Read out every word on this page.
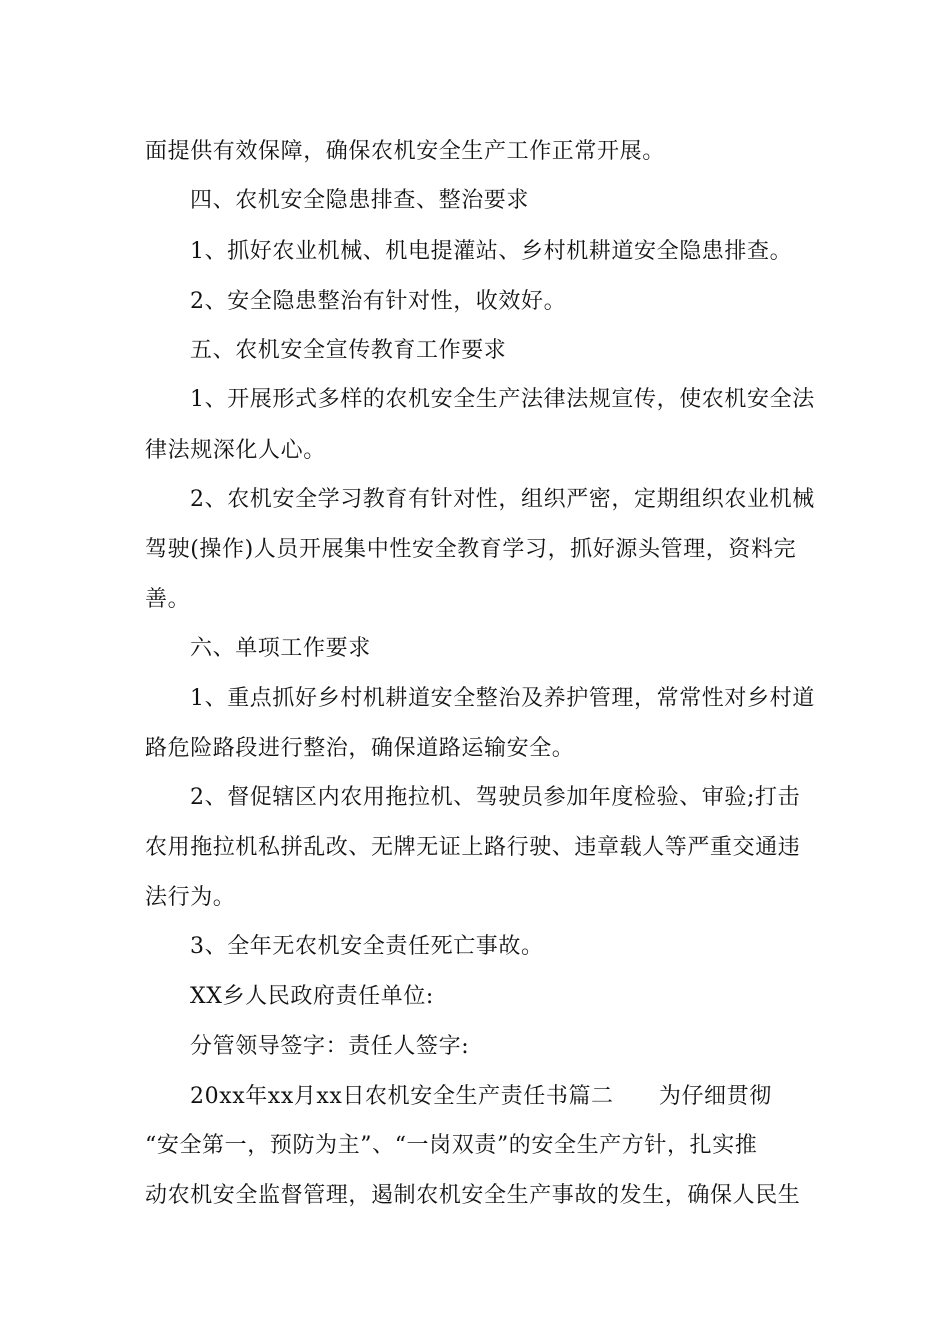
面提供有效保障，确保农机安全生产工作正常开展。
四、农机安全隐患排查、整治要求
1、抓好农业机械、机电提灌站、乡村机耕道安全隐患排查。
2、安全隐患整治有针对性，收效好。
五、农机安全宣传教育工作要求
1、开展形式多样的农机安全生产法律法规宣传，使农机安全法
律法规深化人心。
2、农机安全学习教育有针对性，组织严密，定期组织农业机械
驾驶(操作)人员开展集中性安全教育学习，抓好源头管理，资料完
善。
六、单项工作要求
1、重点抓好乡村机耕道安全整治及养护管理，常常性对乡村道
路危险路段进行整治，确保道路运输安全。
2、督促辖区内农用拖拉机、驾驶员参加年度检验、审验;打击
农用拖拉机私拼乱改、无牌无证上路行驶、违章载人等严重交通违
法行为。
3、全年无农机安全责任死亡事故。
XX乡人民政府责任单位:
分管领导签字：责任人签字:
20xx年xx月xx日农机安全生产责任书篇二　　为仔细贯彻
“安全第一，预防为主”、“一岗双责”的安全生产方针，扎实推
动农机安全监督管理，遏制农机安全生产事故的发生，确保人民生
